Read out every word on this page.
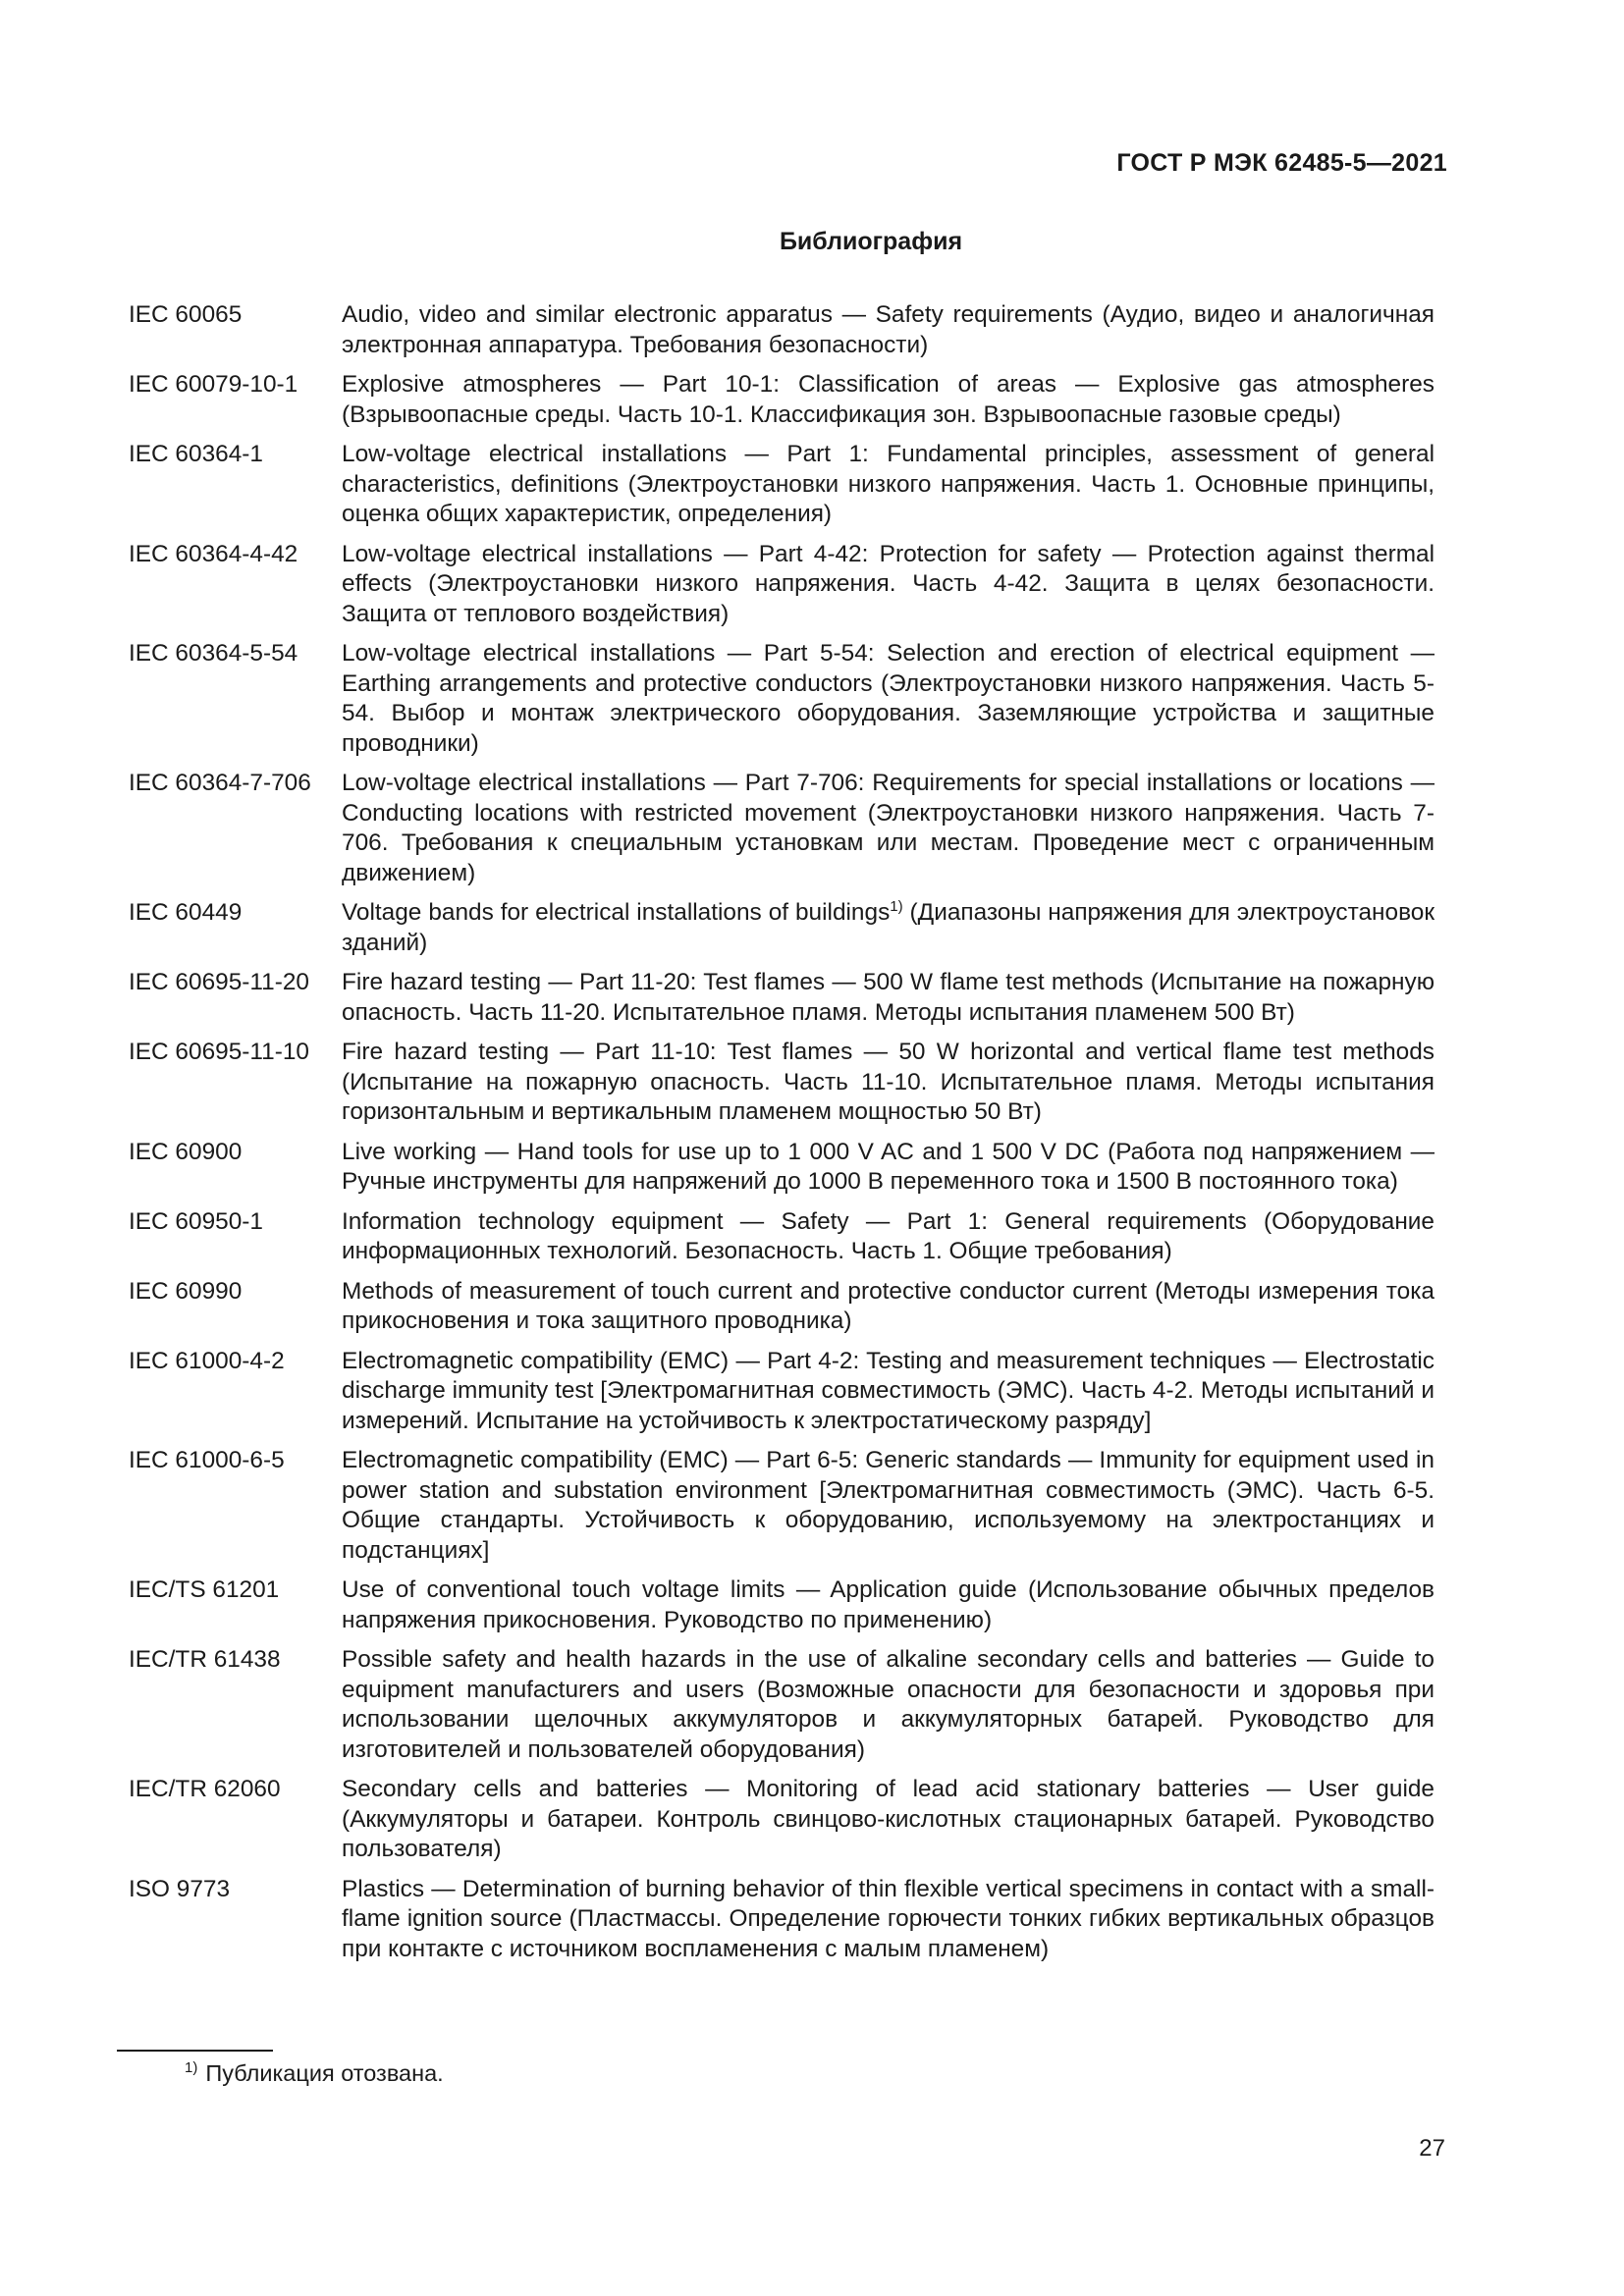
ГОСТ Р МЭК 62485-5—2021
Библиография
IEC 60065	Audio, video and similar electronic apparatus — Safety requirements (Аудио, видео и аналогичная электронная аппаратура. Требования безопасности)
IEC 60079-10-1	Explosive atmospheres — Part 10-1: Classification of areas — Explosive gas atmospheres (Взрывоопасные среды. Часть 10-1. Классификация зон. Взрывоопасные газовые среды)
IEC 60364-1	Low-voltage electrical installations — Part 1: Fundamental principles, assessment of general characteristics, definitions (Электроустановки низкого напряжения. Часть 1. Основные принципы, оценка общих характеристик, определения)
IEC 60364-4-42	Low-voltage electrical installations — Part 4-42: Protection for safety — Protection against thermal effects (Электроустановки низкого напряжения. Часть 4-42. Защита в целях безопасности. Защита от теплового воздействия)
IEC 60364-5-54	Low-voltage electrical installations — Part 5-54: Selection and erection of electrical equipment — Earthing arrangements and protective conductors (Электроустановки низкого напряжения. Часть 5-54. Выбор и монтаж электрического оборудования. Заземляющие устройства и защитные проводники)
IEC 60364-7-706	Low-voltage electrical installations — Part 7-706: Requirements for special installations or locations — Conducting locations with restricted movement (Электроустановки низкого напряжения. Часть 7-706. Требования к специальным установкам или местам. Проведение мест с ограниченным движением)
IEC 60449	Voltage bands for electrical installations of buildings$^{1)}$ (Диапазоны напряжения для электроустановок зданий)
IEC 60695-11-20	Fire hazard testing — Part 11-20: Test flames — 500 W flame test methods (Испытание на пожарную опасность. Часть 11-20. Испытательное пламя. Методы испытания пламенем 500 Вт)
IEC 60695-11-10	Fire hazard testing — Part 11-10: Test flames — 50 W horizontal and vertical flame test methods (Испытание на пожарную опасность. Часть 11-10. Испытательное пламя. Методы испытания горизонтальным и вертикальным пламенем мощностью 50 Вт)
IEC 60900	Live working — Hand tools for use up to 1 000 V AC and 1 500 V DC (Работа под напряжением — Ручные инструменты для напряжений до 1000 В переменного тока и 1500 В постоянного тока)
IEC 60950-1	Information technology equipment — Safety — Part 1: General requirements (Оборудование информационных технологий. Безопасность. Часть 1. Общие требования)
IEC 60990	Methods of measurement of touch current and protective conductor current (Методы измерения тока прикосновения и тока защитного проводника)
IEC 61000-4-2	Electromagnetic compatibility (EMC) — Part 4-2: Testing and measurement techniques — Electrostatic discharge immunity test [Электромагнитная совместимость (ЭМС). Часть 4-2. Методы испытаний и измерений. Испытание на устойчивость к электростатическому разряду]
IEC 61000-6-5	Electromagnetic compatibility (EMC) — Part 6-5: Generic standards — Immunity for equipment used in power station and substation environment [Электромагнитная совместимость (ЭМС). Часть 6-5. Общие стандарты. Устойчивость к оборудованию, используемому на электростанциях и подстанциях]
IEC/TS 61201	Use of conventional touch voltage limits — Application guide (Использование обычных пределов напряжения прикосновения. Руководство по применению)
IEC/TR 61438	Possible safety and health hazards in the use of alkaline secondary cells and batteries — Guide to equipment manufacturers and users (Возможные опасности для безопасности и здоровья при использовании щелочных аккумуляторов и аккумуляторных батарей. Руководство для изготовителей и пользователей оборудования)
IEC/TR 62060	Secondary cells and batteries — Monitoring of lead acid stationary batteries — User guide (Аккумуляторы и батареи. Контроль свинцово-кислотных стационарных батарей. Руководство пользователя)
ISO 9773	Plastics — Determination of burning behavior of thin flexible vertical specimens in contact with a small-flame ignition source (Пластмассы. Определение горючести тонких гибких вертикальных образцов при контакте с источником воспламенения с малым пламенем)
$^{1)}$ Публикация отозвана.
27
